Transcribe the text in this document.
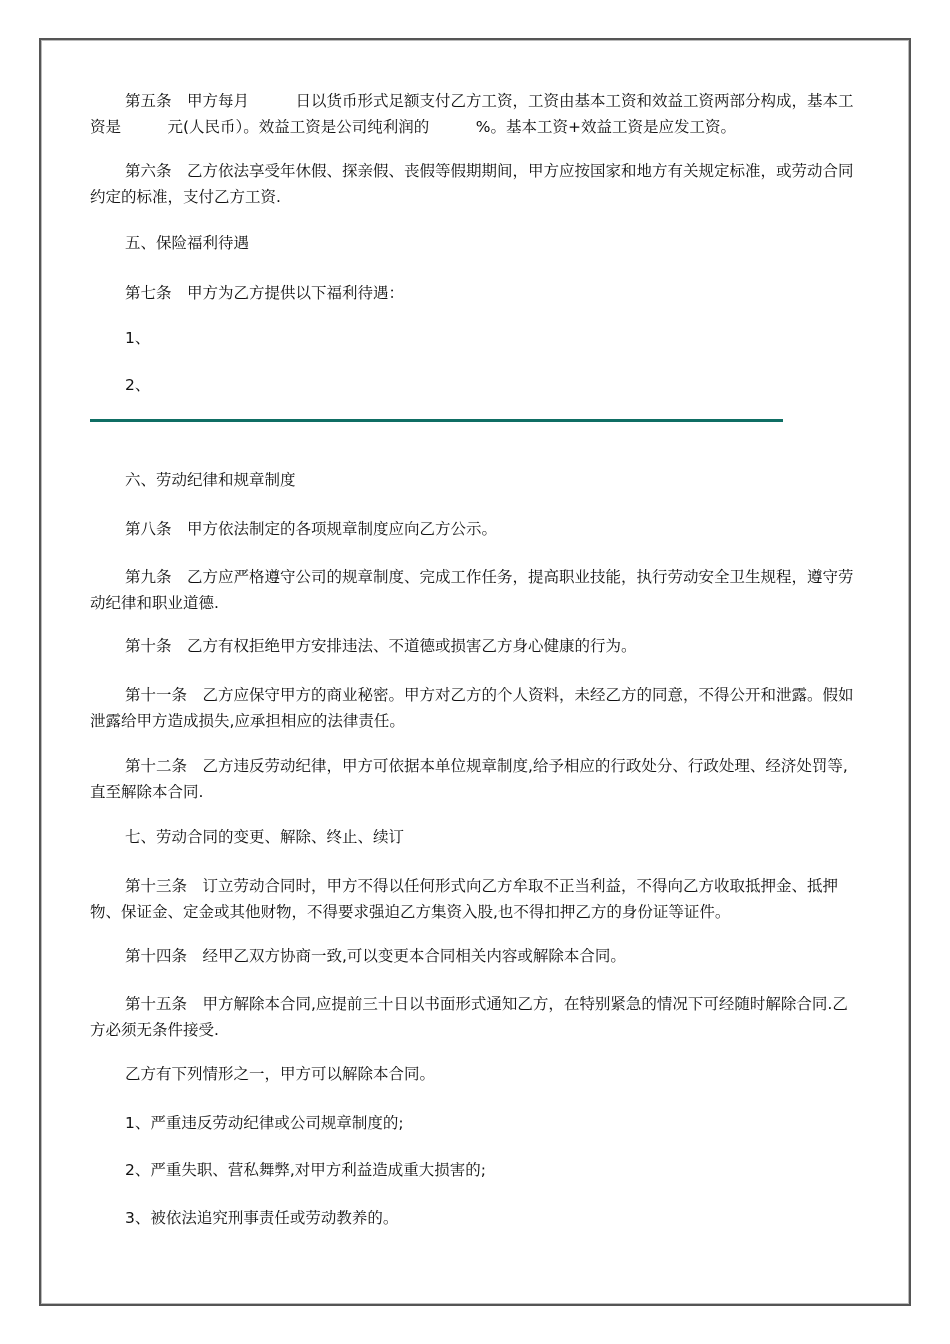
第五条　甲方每月　　　日以货币形式足额支付乙方工资，工资由基本工资和效益工资两部分构成，基本工资是　　　元(人民币）。效益工资是公司纯利润的　　　%。基本工资+效益工资是应发工资。

第六条　乙方依法享受年休假、探亲假、丧假等假期期间，甲方应按国家和地方有关规定标准，或劳动合同约定的标准，支付乙方工资.

五、保险福利待遇

第七条　甲方为乙方提供以下福利待遇：

1、

2、

六、劳动纪律和规章制度

第八条　甲方依法制定的各项规章制度应向乙方公示。

第九条　乙方应严格遵守公司的规章制度、完成工作任务，提高职业技能，执行劳动安全卫生规程，遵守劳动纪律和职业道德.

第十条　乙方有权拒绝甲方安排违法、不道德或损害乙方身心健康的行为。

第十一条　乙方应保守甲方的商业秘密。甲方对乙方的个人资料，未经乙方的同意，不得公开和泄露。假如泄露给甲方造成损失,应承担相应的法律责任。

第十二条　乙方违反劳动纪律，甲方可依据本单位规章制度,给予相应的行政处分、行政处理、经济处罚等,直至解除本合同.

七、劳动合同的变更、解除、终止、续订

第十三条　订立劳动合同时，甲方不得以任何形式向乙方牟取不正当利益，不得向乙方收取抵押金、抵押物、保证金、定金或其他财物，不得要求强迫乙方集资入股,也不得扣押乙方的身份证等证件。

第十四条　经甲乙双方协商一致,可以变更本合同相关内容或解除本合同。

第十五条　甲方解除本合同,应提前三十日以书面形式通知乙方，在特别紧急的情况下可经随时解除合同.乙方必须无条件接受.

乙方有下列情形之一，甲方可以解除本合同。

1、严重违反劳动纪律或公司规章制度的;

2、严重失职、营私舞弊,对甲方利益造成重大损害的;

3、被依法追究刑事责任或劳动教养的。
